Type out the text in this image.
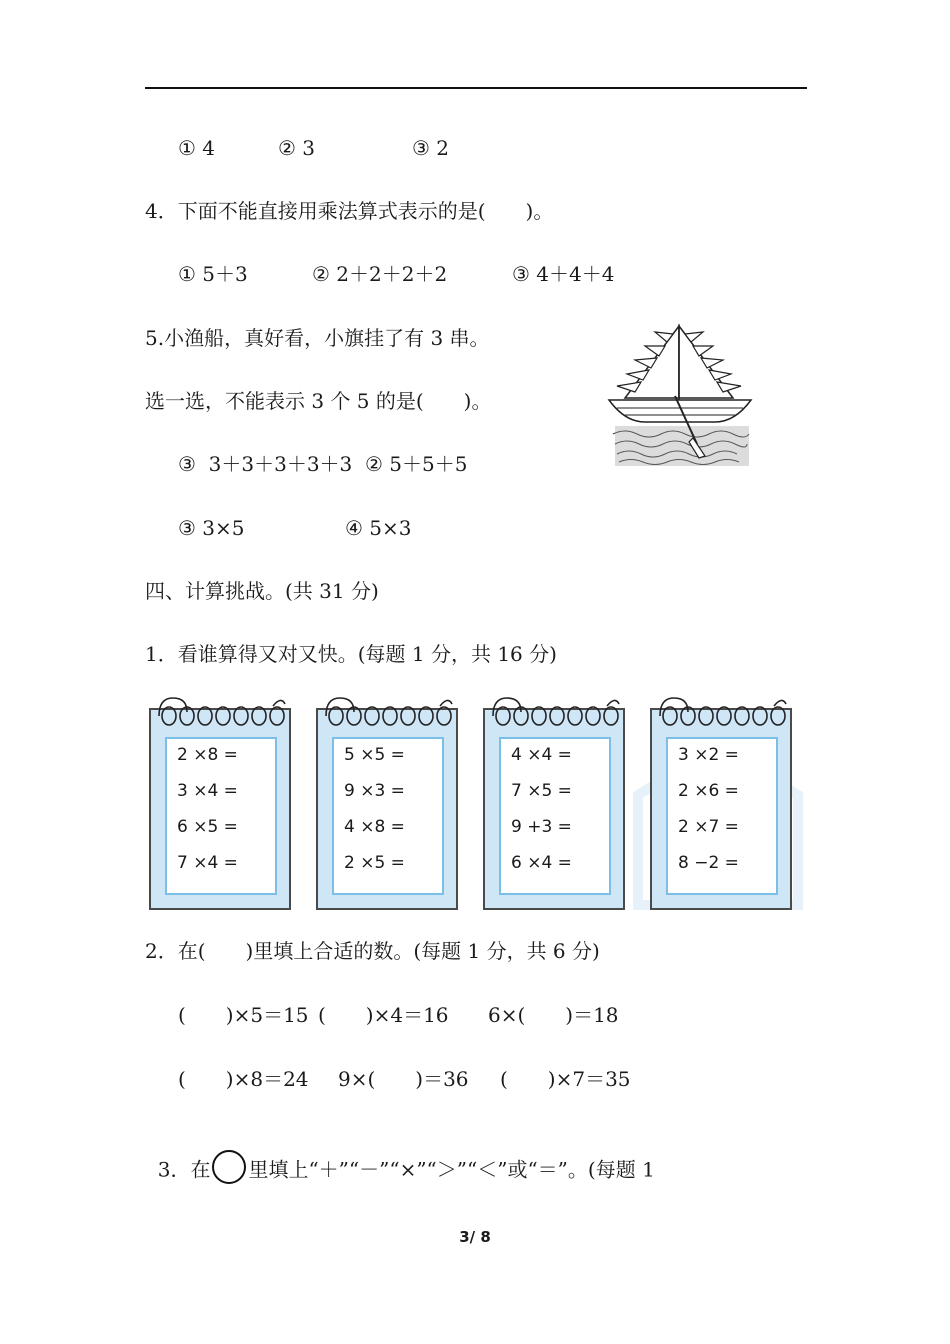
① 4	② 3	③ 2
4．下面不能直接用乘法算式表示的是(　　)。
① 5＋3	② 2＋2＋2＋2	③ 4＋4＋4
5.小渔船，真好看，小旗挂了有 3 串。
选一选，不能表示 3 个 5 的是(　　)。
③  3＋3＋3＋3＋3  ② 5＋5＋5
③ 3×5	④ 5×3
四、计算挑战。(共 31 分)
1．看谁算得又对又快。(每题 1 分，共 16 分)
2 ×8 =
3 ×4 =
6 ×5 =
7 ×4 =
5 ×5 =
9 ×3 =
4 ×8 =
2 ×5 =
4 ×4 =
7 ×5 =
9 +3 =
6 ×4 =
3 ×2 =
2 ×6 =
2 ×7 =
8 −2 =
2．在(　　)里填上合适的数。(每题 1 分，共 6 分)
(　　)×5＝15 (　　)×4＝16 6×(　　)＝18
(　　)×8＝24 9×(　　)＝36 (　　)×7＝35

3．在 里填上“＋”“－”“×”“＞”“＜”或“＝”。(每题 1

3/ 8
